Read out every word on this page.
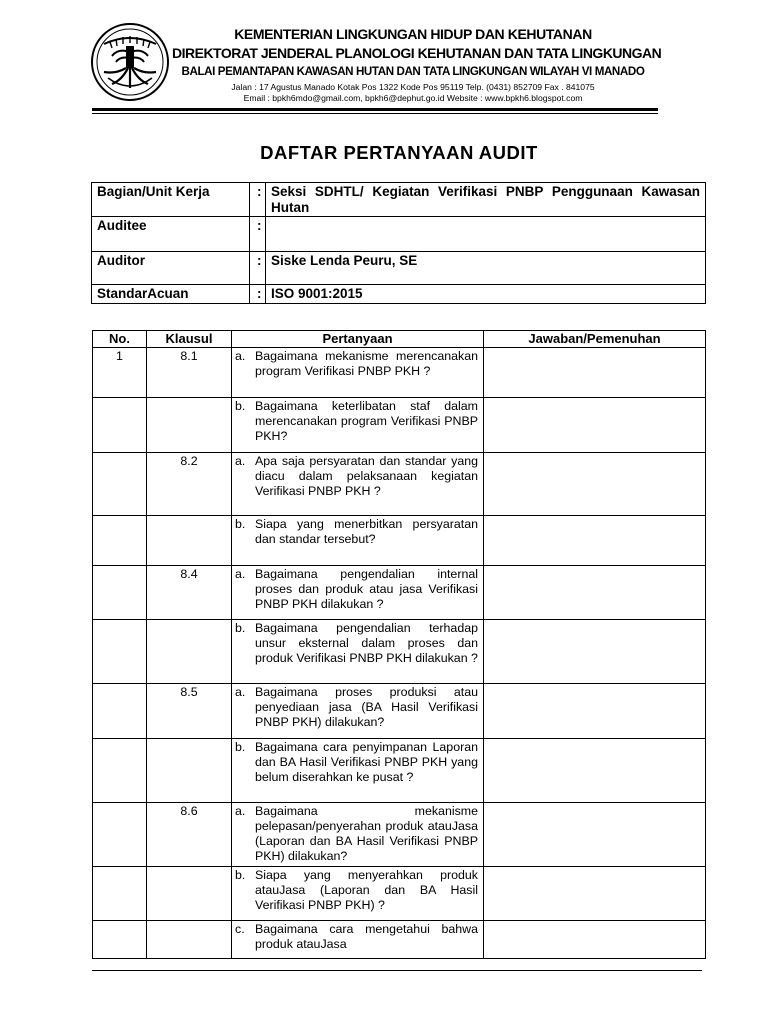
KEMENTERIAN LINGKUNGAN HIDUP DAN KEHUTANAN
DIREKTORAT JENDERAL PLANOLOGI KEHUTANAN DAN TATA LINGKUNGAN
BALAI PEMANTAPAN KAWASAN HUTAN DAN TATA LINGKUNGAN WILAYAH VI MANADO
Jalan : 17 Agustus Manado Kotak Pos 1322 Kode Pos 95119 Telp. (0431) 852709 Fax . 841075
Email : bpkh6mdo@gmail.com, bpkh6@dephut.go.id Website : www.bpkh6.blogspot.com
DAFTAR PERTANYAAN AUDIT
Bagian/Unit Kerja	:	Seksi SDHTL/ Kegiatan Verifikasi PNBP Penggunaan Kawasan Hutan
Auditee	:	
Auditor	:	Siske Lenda Peuru, SE
StandarAcuan	:	ISO 9001:2015
No.	Klausul	Pertanyaan	Jawaban/Pemenuhan
1	8.1	a. Bagaimana mekanisme merencanakan program Verifikasi PNBP PKH ?	

		b. Bagaimana keterlibatan staf dalam merencanakan program Verifikasi PNBP PKH?	

	8.2	a. Apa saja persyaratan dan standar yang diacu dalam pelaksanaan kegiatan Verifikasi PNBP PKH ?	

		b. Siapa yang menerbitkan persyaratan dan standar tersebut?	

	8.4	a. Bagaimana pengendalian internal proses dan produk atau jasa Verifikasi PNBP PKH dilakukan ?	

		b. Bagaimana pengendalian terhadap unsur eksternal dalam proses dan produk Verifikasi PNBP PKH dilakukan ?	

	8.5	a. Bagaimana proses produksi atau penyediaan jasa (BA Hasil Verifikasi PNBP PKH) dilakukan?	

		b. Bagaimana cara penyimpanan Laporan dan BA Hasil Verifikasi PNBP PKH yang belum diserahkan ke pusat ?	

	8.6	a. Bagaimana mekanisme pelepasan/penyerahan produk atauJasa (Laporan dan BA Hasil Verifikasi PNBP PKH) dilakukan?	

		b. Siapa yang menyerahkan produk atauJasa (Laporan dan BA Hasil Verifikasi PNBP PKH) ?	

		c. Bagaimana cara mengetahui bahwa produk atauJasa	
